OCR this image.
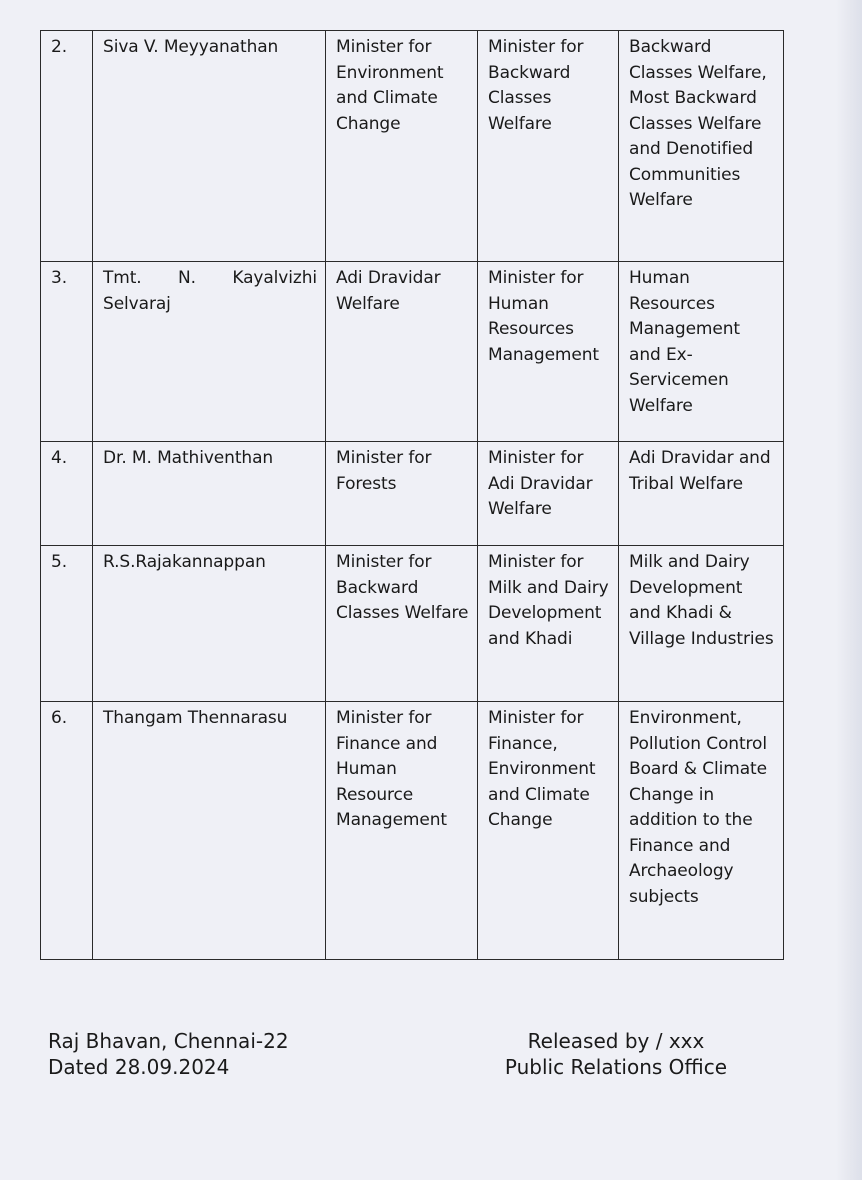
2.	Siva V. Meyyanathan	Minister for Environment and Climate Change	Minister for Backward Classes Welfare	Backward Classes Welfare, Most Backward Classes Welfare and Denotified Communities Welfare
3.	Tmt. N. Kayalvizhi Selvaraj	Adi Dravidar Welfare	Minister for Human Resources Management	Human Resources Management and Ex-Servicemen Welfare
4.	Dr. M. Mathiventhan	Minister for Forests	Minister for Adi Dravidar Welfare	Adi Dravidar and Tribal Welfare
5.	R.S.Rajakannappan	Minister for Backward Classes Welfare	Minister for Milk and Dairy Development and Khadi	Milk and Dairy Development and Khadi & Village Industries
6.	Thangam Thennarasu	Minister for Finance and Human Resource Management	Minister for Finance, Environment and Climate Change	Environment, Pollution Control Board & Climate Change in addition to the Finance and Archaeology subjects
Raj Bhavan, Chennai-22
Dated 28.09.2024
Released by / xxx
Public Relations Office
